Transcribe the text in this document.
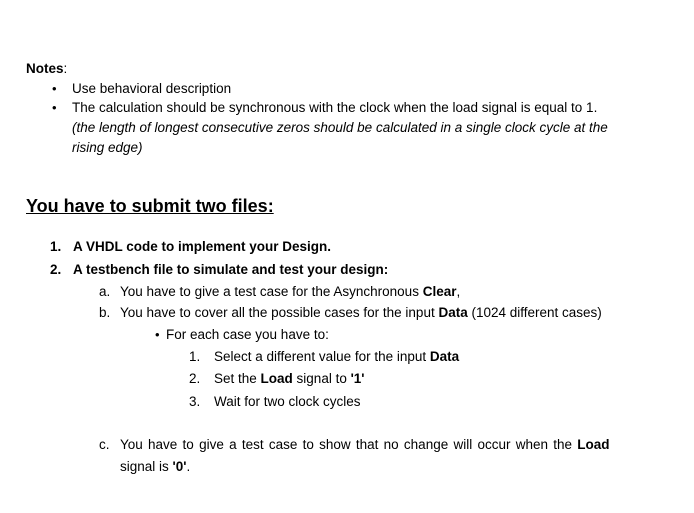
Notes:
• Use behavioral description
• The calculation should be synchronous with the clock when the load signal is equal to 1.
(the length of longest consecutive zeros should be calculated in a single clock cycle at the
rising edge)
You have to submit two files:
1. A VHDL code to implement your Design.
2. A testbench file to simulate and test your design:
a. You have to give a test case for the Asynchronous Clear,
b. You have to cover all the possible cases for the input Data (1024 different cases)
• For each case you have to:
1. Select a different value for the input Data
2. Set the Load signal to '1'
3. Wait for two clock cycles
c. You have to give a test case to show that no change will occur when the Load
signal is '0'.
